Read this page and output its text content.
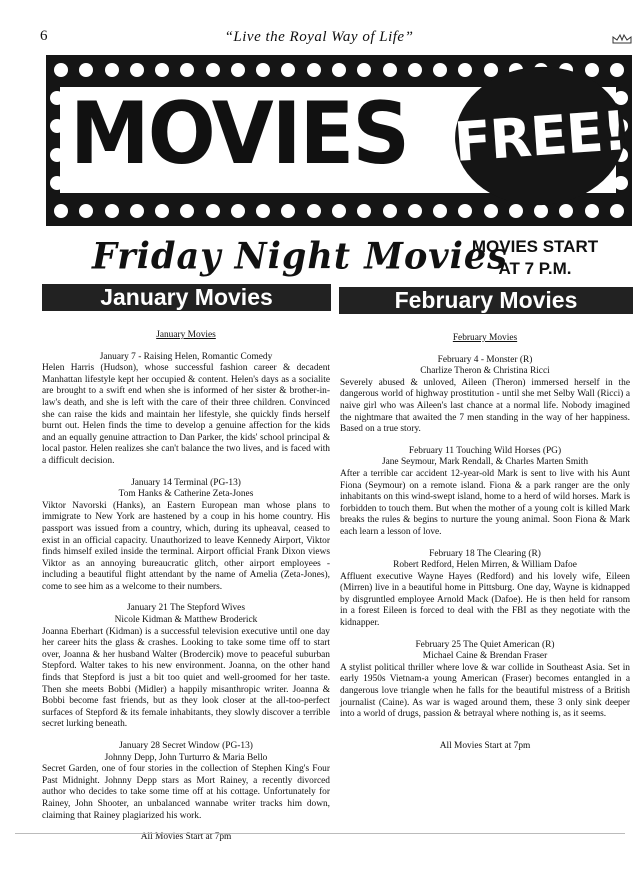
6	“Live the Royal Way of Life”
MOVIES FREE!
Friday Night Movies
MOVIES START
AT 7 P.M.
January Movies	February Movies

January Movies

January 7 - Raising Helen, Romantic Comedy

Helen Harris (Hudson), whose successful fashion career & decadent Manhattan lifestyle kept her occupied & content. Helen's days as a socialite are brought to a swift end when she is informed of her sister & brother-in-law's death, and she is left with the care of their three children. Convinced she can raise the kids and maintain her lifestyle, she quickly finds herself burnt out. Helen finds the time to develop a genuine affection for the kids and an equally genuine attraction to Dan Parker, the kids' school principal & local pastor. Helen realizes she can't balance the two lives, and is faced with a difficult decision.

January 14 Terminal (PG-13)

Tom Hanks & Catherine Zeta-Jones

Viktor Navorski (Hanks), an Eastern European man whose plans to immigrate to New York are hastened by a coup in his home country. His passport was issued from a country, which, during its upheaval, ceased to exist in an official capacity. Unauthorized to leave Kennedy Airport, Viktor finds himself exiled inside the terminal. Airport official Frank Dixon views Viktor as an annoying bureaucratic glitch, other airport employees - including a beautiful flight attendant by the name of Amelia (Zeta-Jones), come to see him as a welcome to their numbers.

January 21 The Stepford Wives

Nicole Kidman & Matthew Broderick

Joanna Eberhart (Kidman) is a successful television executive until one day her career hits the glass & crashes. Looking to take some time off to start over, Joanna & her husband Walter (Brodercik) move to peaceful suburban Stepford. Walter takes to his new environment. Joanna, on the other hand finds that Stepford is just a bit too quiet and well-groomed for her taste. Then she meets Bobbi (Midler) a happily misanthropic writer. Joanna & Bobbi become fast friends, but as they look closer at the all-too-perfect surfaces of Stepford & its female inhabitants, they slowly discover a terrible secret lurking beneath.

January 28 Secret Window (PG-13)

Johnny Depp, John Turturro & Maria Bello

Secret Garden, one of four stories in the collection of Stephen King's Four Past Midnight. Johnny Depp stars as Mort Rainey, a recently divorced author who decides to take some time off at his cottage. Unfortunately for Rainey, John Shooter, an unbalanced wannabe writer tracks him down, claiming that Rainey plagiarized his work.

All Movies Start at 7pm

February Movies

February 4 - Monster (R)

Charlize Theron & Christina Ricci

Severely abused & unloved, Aileen (Theron) immersed herself in the dangerous world of highway prostitution - until she met Selby Wall (Ricci) a naive girl who was Aileen's last chance at a normal life. Nobody imagined the nightmare that awaited the 7 men standing in the way of her happiness. Based on a true story.

February 11 Touching Wild Horses (PG)

Jane Seymour, Mark Rendall, & Charles Marten Smith

After a terrible car accident 12-year-old Mark is sent to live with his Aunt Fiona (Seymour) on a remote island. Fiona & a park ranger are the only inhabitants on this wind-swept island, home to a herd of wild horses. Mark is forbidden to touch them. But when the mother of a young colt is killed Mark breaks the rules & begins to nurture the young animal. Soon Fiona & Mark each learn a lesson of love.

February 18 The Clearing (R)

Robert Redford, Helen Mirren, & William Dafoe

Affluent executive Wayne Hayes (Redford) and his lovely wife, Eileen (Mirren) live in a beautiful home in Pittsburg. One day, Wayne is kidnapped by disgruntled employee Arnold Mack (Dafoe). He is then held for ransom in a forest Eileen is forced to deal with the FBI as they negotiate with the kidnapper.

February 25 The Quiet American (R)

Michael Caine & Brendan Fraser

A stylist political thriller where love & war collide in Southeast Asia. Set in early 1950s Vietnam-a young American (Fraser) becomes entangled in a dangerous love triangle when he falls for the beautiful mistress of a British journalist (Caine). As war is waged around them, these 3 only sink deeper into a world of drugs, passion & betrayal where nothing is, as it seems.

All Movies Start at 7pm
